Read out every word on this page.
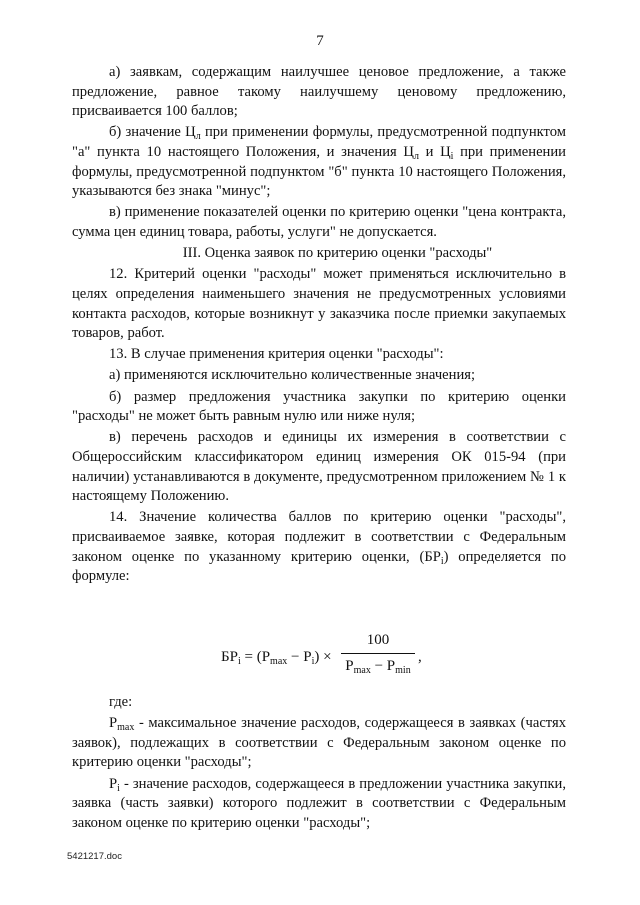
7

а) заявкам, содержащим наилучшее ценовое предложение, а также предложение, равное такому наилучшему ценовому предложению, присваивается 100 баллов;

б) значение $Ц_л$ при применении формулы, предусмотренной подпунктом "а" пункта 10 настоящего Положения, и значения $Ц_л$ и $Ц_i$ при применении формулы, предусмотренной подпунктом "б" пункта 10 настоящего Положения, указываются без знака "минус";

в) применение показателей оценки по критерию оценки "цена контракта, сумма цен единиц товара, работы, услуги" не допускается.

III. Оценка заявок по критерию оценки "расходы"

12. Критерий оценки "расходы" может применяться исключительно в целях определения наименьшего значения не предусмотренных условиями контакта расходов, которые возникнут у заказчика после приемки закупаемых товаров, работ.

13. В случае применения критерия оценки "расходы":

а) применяются исключительно количественные значения;

б) размер предложения участника закупки по критерию оценки "расходы" не может быть равным нулю или ниже нуля;

в) перечень расходов и единицы их измерения в соответствии с Общероссийским классификатором единиц измерения ОК 015-94 (при наличии) устанавливаются в документе, предусмотренном приложением № 1 к настоящему Положению.

14. Значение количества баллов по критерию оценки "расходы", присваиваемое заявке, которая подлежит в соответствии с Федеральным законом оценке по указанному критерию оценки, $(БР_i)$ определяется по формуле:

$БР_i = (P_{max} - P_i)$ ×
100
$P_{max} - P_{min}$
,

где:

$P_{max}$ - максимальное значение расходов, содержащееся в заявках (частях заявок), подлежащих в соответствии с Федеральным законом оценке по критерию оценки "расходы";

$P_i$ - значение расходов, содержащееся в предложении участника закупки, заявка (часть заявки) которого подлежит в соответствии с Федеральным законом оценке по критерию оценки "расходы";

5421217.doc
